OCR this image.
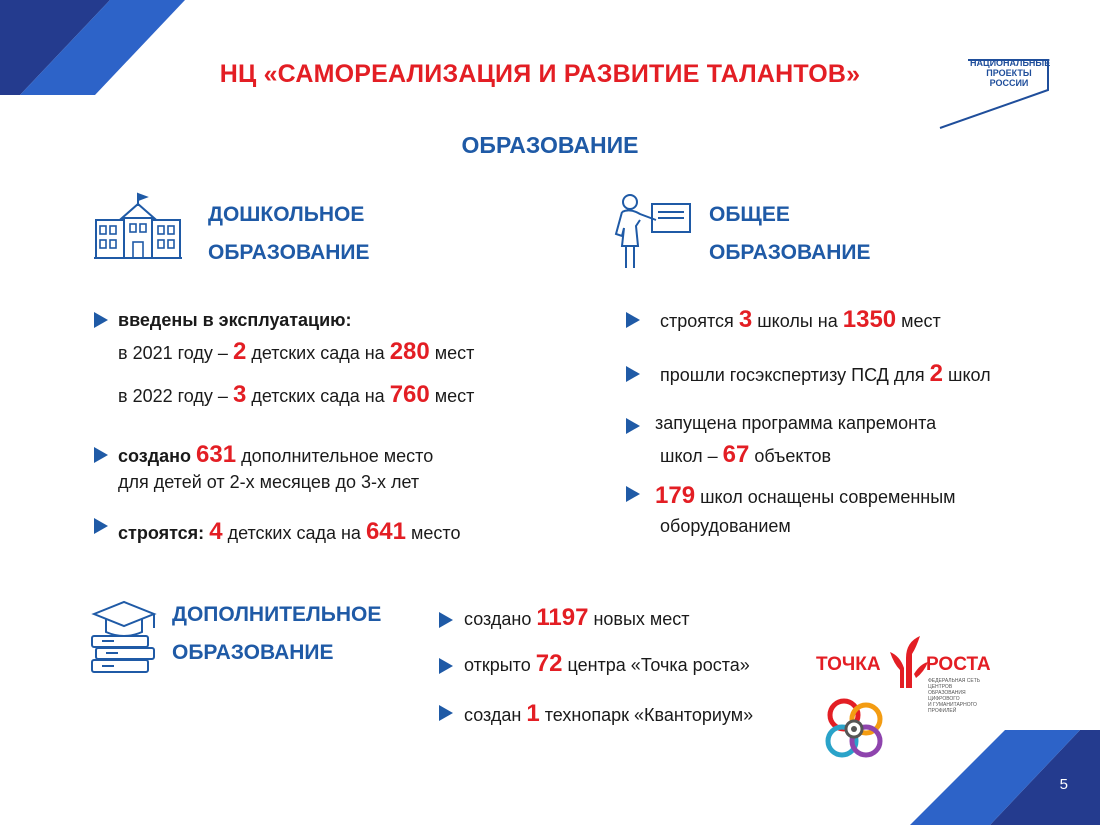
НЦ «САМОРЕАЛИЗАЦИЯ И РАЗВИТИЕ ТАЛАНТОВ»	НАЦИОНАЛЬНЫЕ
ПРОЕКТЫ
РОССИИ
ОБРАЗОВАНИЕ
ДОШКОЛЬНОЕ
ОБРАЗОВАНИЕ
введены в эксплуатацию:
в 2021 году – 2 детских сада на 280 мест
в 2022 году – 3 детских сада на 760 мест
создано 631 дополнительное место
для детей от 2-х месяцев до 3-х лет
строятся: 4 детских сада на 641 место
ОБЩЕЕ
ОБРАЗОВАНИЕ
строятся 3 школы на 1350 мест
прошли госэкспертизу ПСД для 2 школ
запущена программа капремонта
школ – 67 объектов
179 школ оснащены современным
оборудованием
ДОПОЛНИТЕЛЬНОЕ
ОБРАЗОВАНИЕ
создано 1197 новых мест
открыто 72 центра «Точка роста»
создан 1 технопарк «Кванториум»
ТОЧКА РОСТА
ФЕДЕРАЛЬНАЯ СЕТЬ ЦЕНТРОВ
ОБРАЗОВАНИЯ ЦИФРОВОГО
И ГУМАНИТАРНОГО ПРОФИЛЕЙ
5
